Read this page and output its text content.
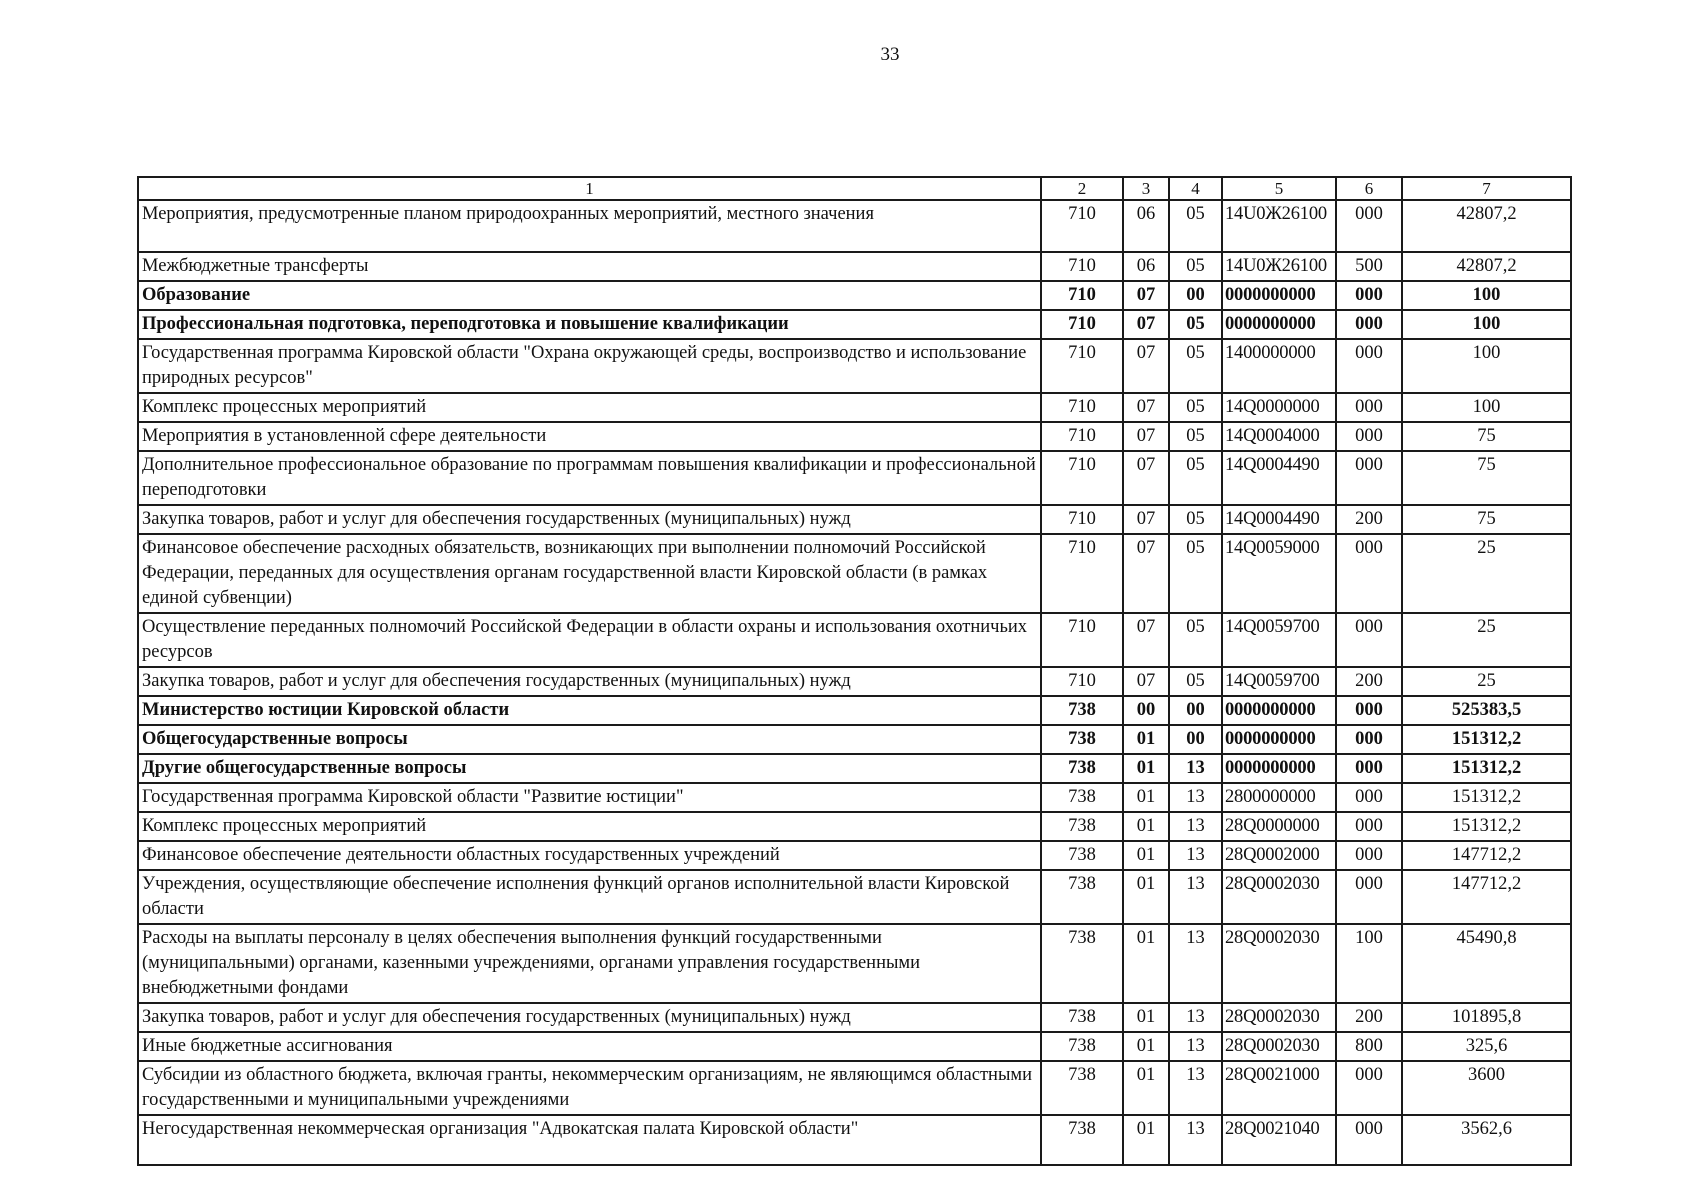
33
1	2	3	4	5	6	7
Мероприятия, предусмотренные планом природоохранных мероприятий, местного значения	710	06	05	14U0Ж26100	000	42807,2
Межбюджетные трансферты	710	06	05	14U0Ж26100	500	42807,2
Образование	710	07	00	0000000000	000	100
Профессиональная подготовка, переподготовка и повышение квалификации	710	07	05	0000000000	000	100
Государственная программа Кировской области "Охрана окружающей среды, воспроизводство и использование природных ресурсов"	710	07	05	1400000000	000	100
Комплекс процессных мероприятий	710	07	05	14Q0000000	000	100
Мероприятия в установленной сфере деятельности	710	07	05	14Q0004000	000	75
Дополнительное профессиональное образование по программам повышения квалификации и профессиональной переподготовки	710	07	05	14Q0004490	000	75
Закупка товаров, работ и услуг для обеспечения государственных (муниципальных) нужд	710	07	05	14Q0004490	200	75
Финансовое обеспечение расходных обязательств, возникающих при выполнении полномочий Российской Федерации, переданных для осуществления органам государственной власти Кировской области (в рамках единой субвенции)	710	07	05	14Q0059000	000	25
Осуществление переданных полномочий Российской Федерации в области охраны и использования охотничьих ресурсов	710	07	05	14Q0059700	000	25
Закупка товаров, работ и услуг для обеспечения государственных (муниципальных) нужд	710	07	05	14Q0059700	200	25
Министерство юстиции Кировской области	738	00	00	0000000000	000	525383,5
Общегосударственные вопросы	738	01	00	0000000000	000	151312,2
Другие общегосударственные вопросы	738	01	13	0000000000	000	151312,2
Государственная программа Кировской области "Развитие юстиции"	738	01	13	2800000000	000	151312,2
Комплекс процессных мероприятий	738	01	13	28Q0000000	000	151312,2
Финансовое обеспечение деятельности областных государственных учреждений	738	01	13	28Q0002000	000	147712,2
Учреждения, осуществляющие обеспечение исполнения функций органов исполнительной власти Кировской области	738	01	13	28Q0002030	000	147712,2
Расходы на выплаты персоналу в целях обеспечения выполнения функций государственными (муниципальными) органами, казенными учреждениями, органами управления государственными внебюджетными фондами	738	01	13	28Q0002030	100	45490,8
Закупка товаров, работ и услуг для обеспечения государственных (муниципальных) нужд	738	01	13	28Q0002030	200	101895,8
Иные бюджетные ассигнования	738	01	13	28Q0002030	800	325,6
Субсидии из областного бюджета, включая гранты, некоммерческим организациям, не являющимся областными государственными и муниципальными учреждениями	738	01	13	28Q0021000	000	3600
Негосударственная некоммерческая организация "Адвокатская палата Кировской области"	738	01	13	28Q0021040	000	3562,6
